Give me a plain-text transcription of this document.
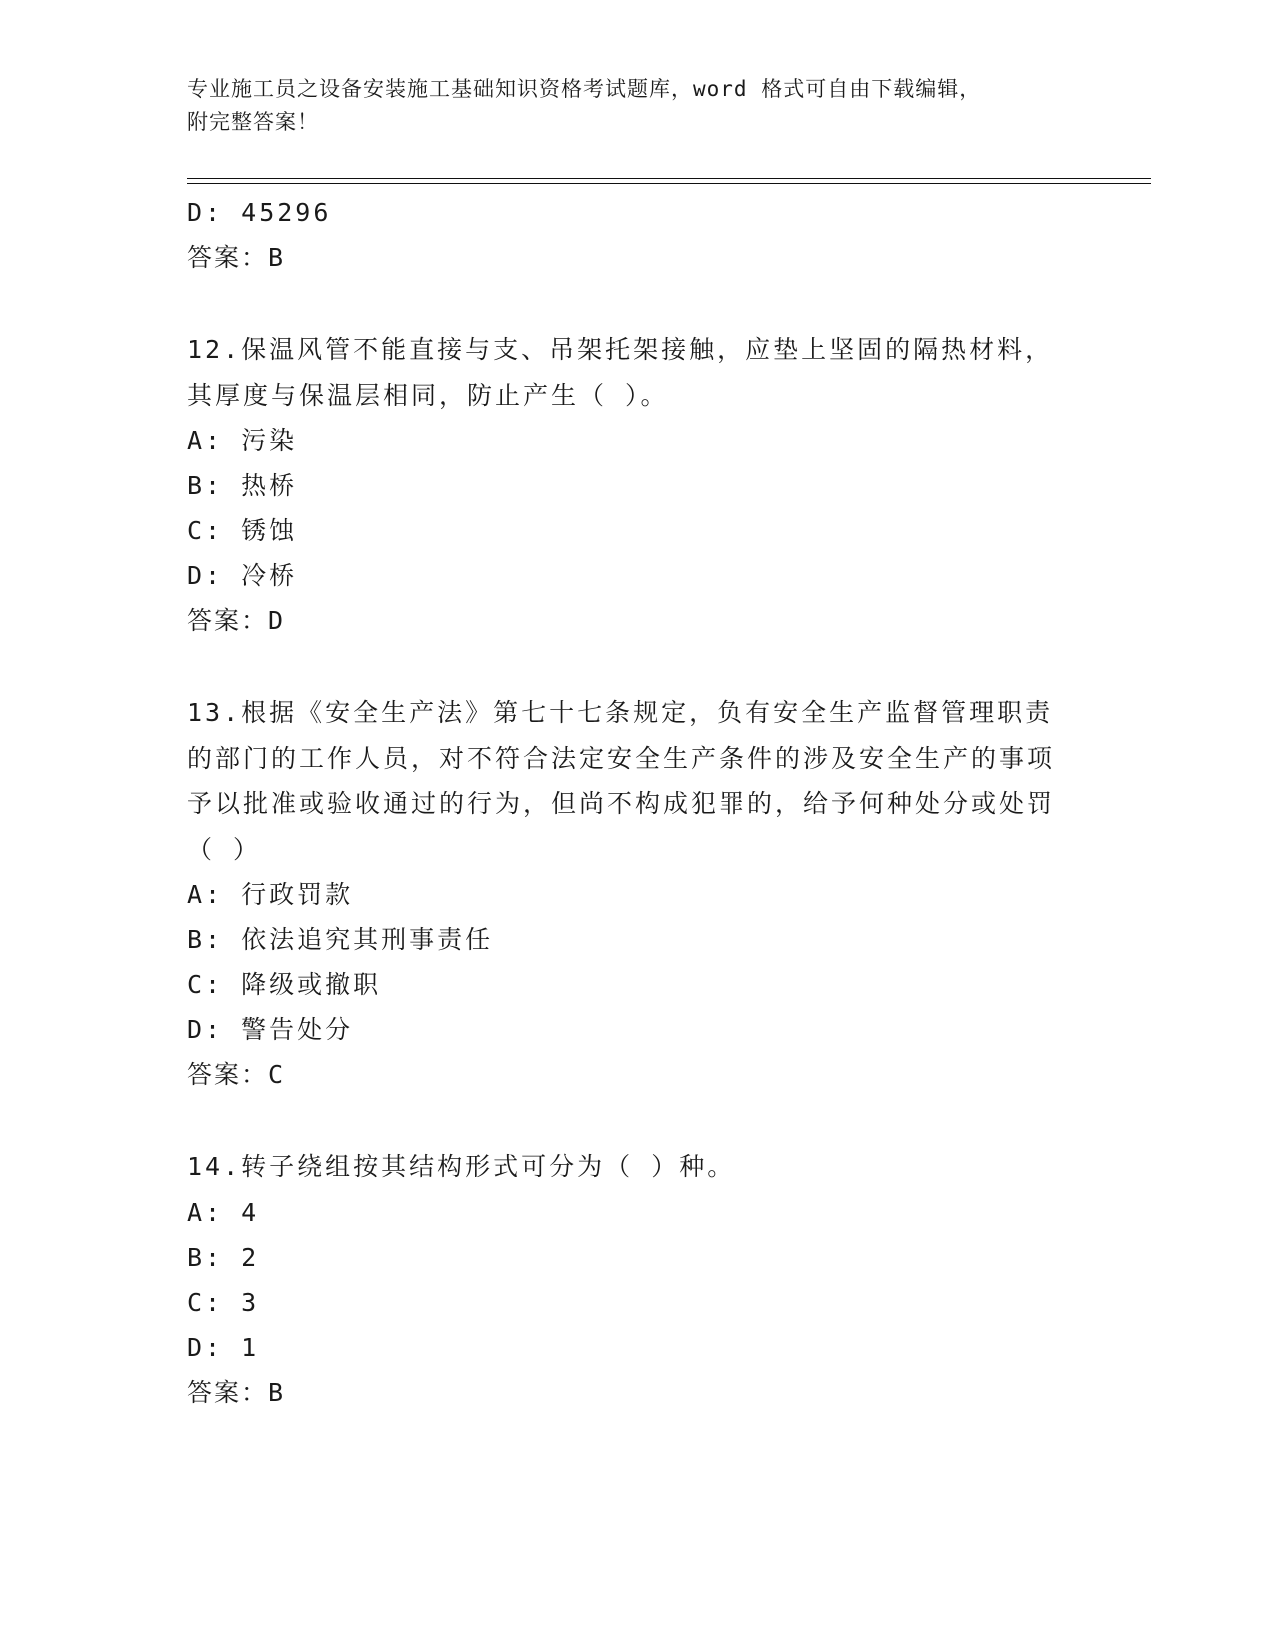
专业施工员之设备安装施工基础知识资格考试题库，word 格式可自由下载编辑，
附完整答案！
D: 45296
答案：B
12.保温风管不能直接与支、吊架托架接触，应垫上坚固的隔热材料，其厚度与保温层相同，防止产生（ ）。
A: 污染
B: 热桥
C: 锈蚀
D: 冷桥
答案：D
13.根据《安全生产法》第七十七条规定，负有安全生产监督管理职责的部门的工作人员，对不符合法定安全生产条件的涉及安全生产的事项予以批准或验收通过的行为，但尚不构成犯罪的，给予何种处分或处罚（ ）
A: 行政罚款
B: 依法追究其刑事责任
C: 降级或撤职
D: 警告处分
答案：C
14.转子绕组按其结构形式可分为（ ）种。
A: 4
B: 2
C: 3
D: 1
答案：B
